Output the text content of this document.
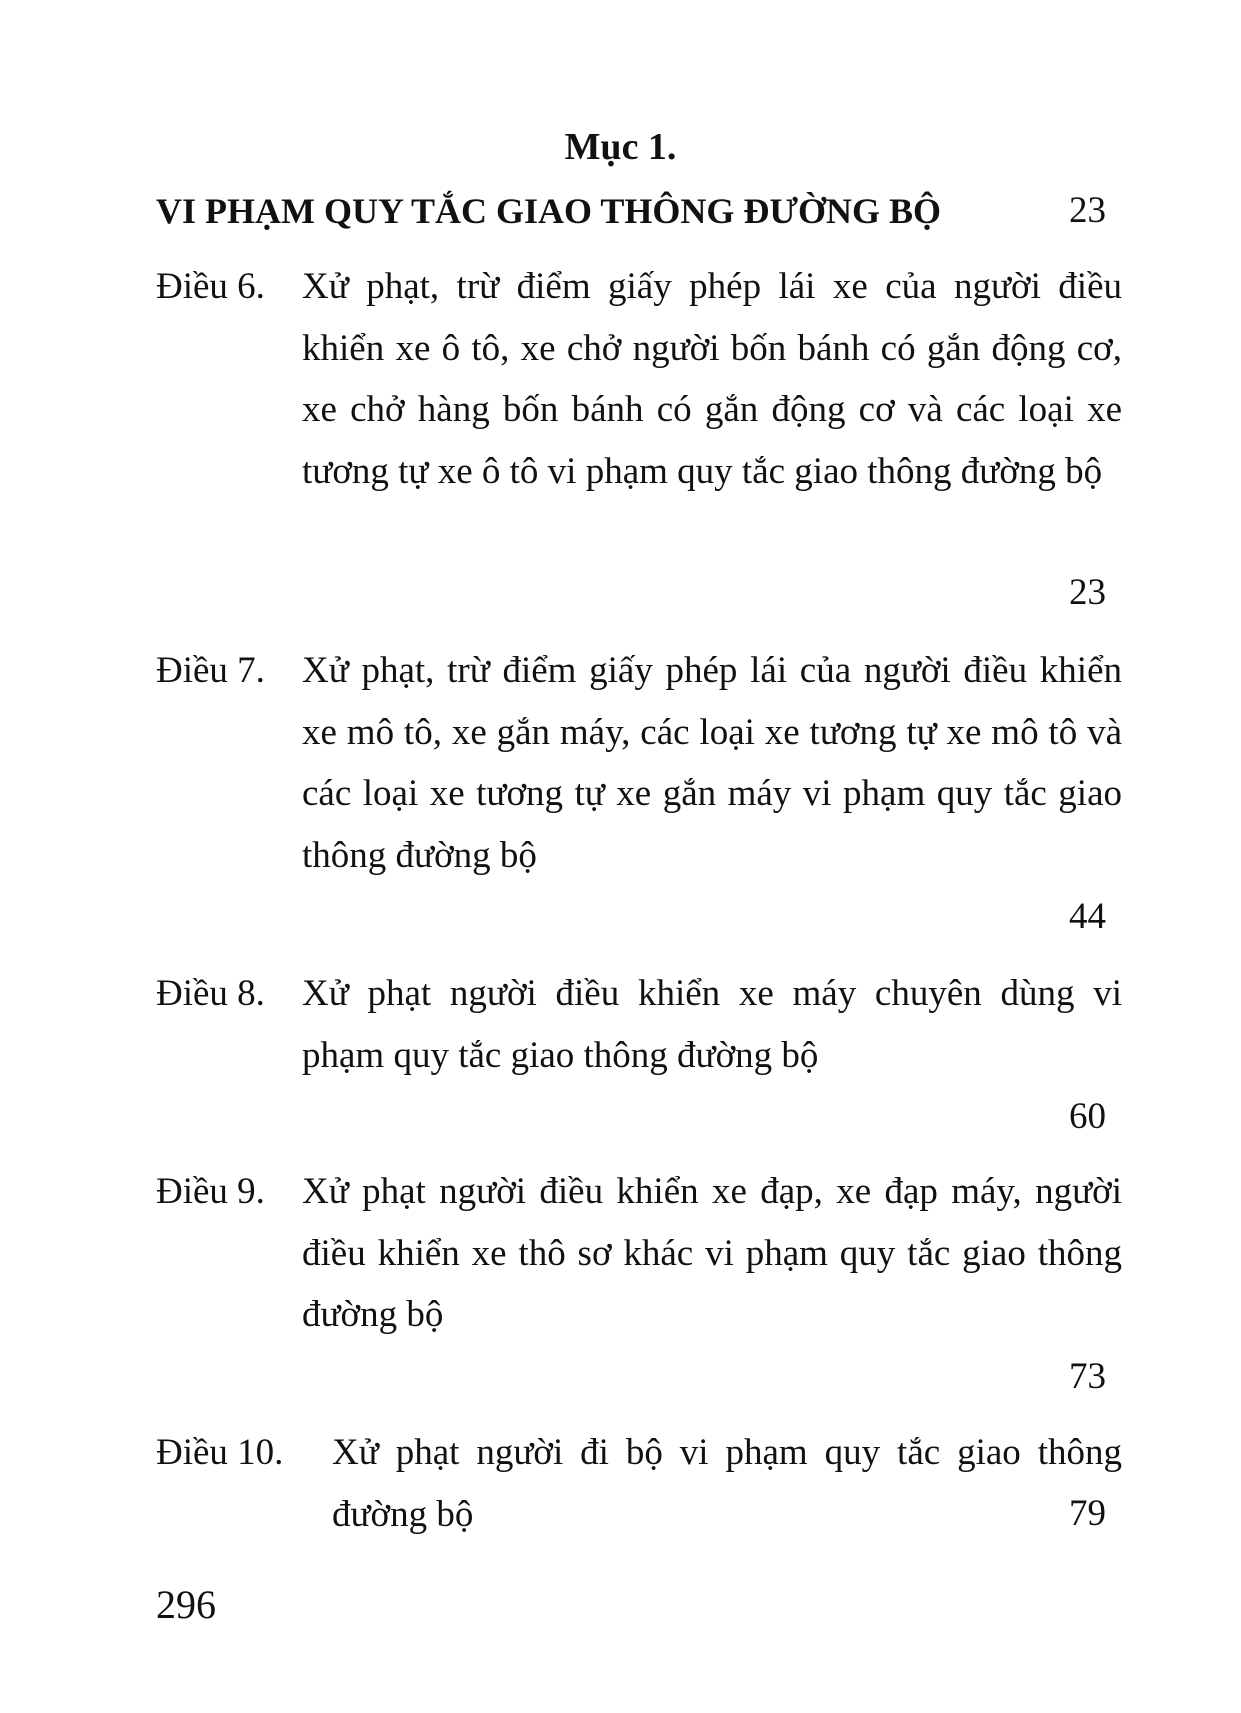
Mục 1.
VI PHẠM QUY TẮC GIAO THÔNG ĐƯỜNG BỘ	23
Điều 6. Xử phạt, trừ điểm giấy phép lái xe của người điều khiển xe ô tô, xe chở người bốn bánh có gắn động cơ, xe chở hàng bốn bánh có gắn động cơ và các loại xe tương tự xe ô tô vi phạm quy tắc giao thông đường bộ
23
Điều 7. Xử phạt, trừ điểm giấy phép lái của người điều khiển xe mô tô, xe gắn máy, các loại xe tương tự xe mô tô và các loại xe tương tự xe gắn máy vi phạm quy tắc giao thông đường bộ
44
Điều 8. Xử phạt người điều khiển xe máy chuyên dùng vi phạm quy tắc giao thông đường bộ
60
Điều 9. Xử phạt người điều khiển xe đạp, xe đạp máy, người điều khiển xe thô sơ khác vi phạm quy tắc giao thông đường bộ
73
Điều 10. Xử phạt người đi bộ vi phạm quy tắc giao thông đường bộ	79
296
